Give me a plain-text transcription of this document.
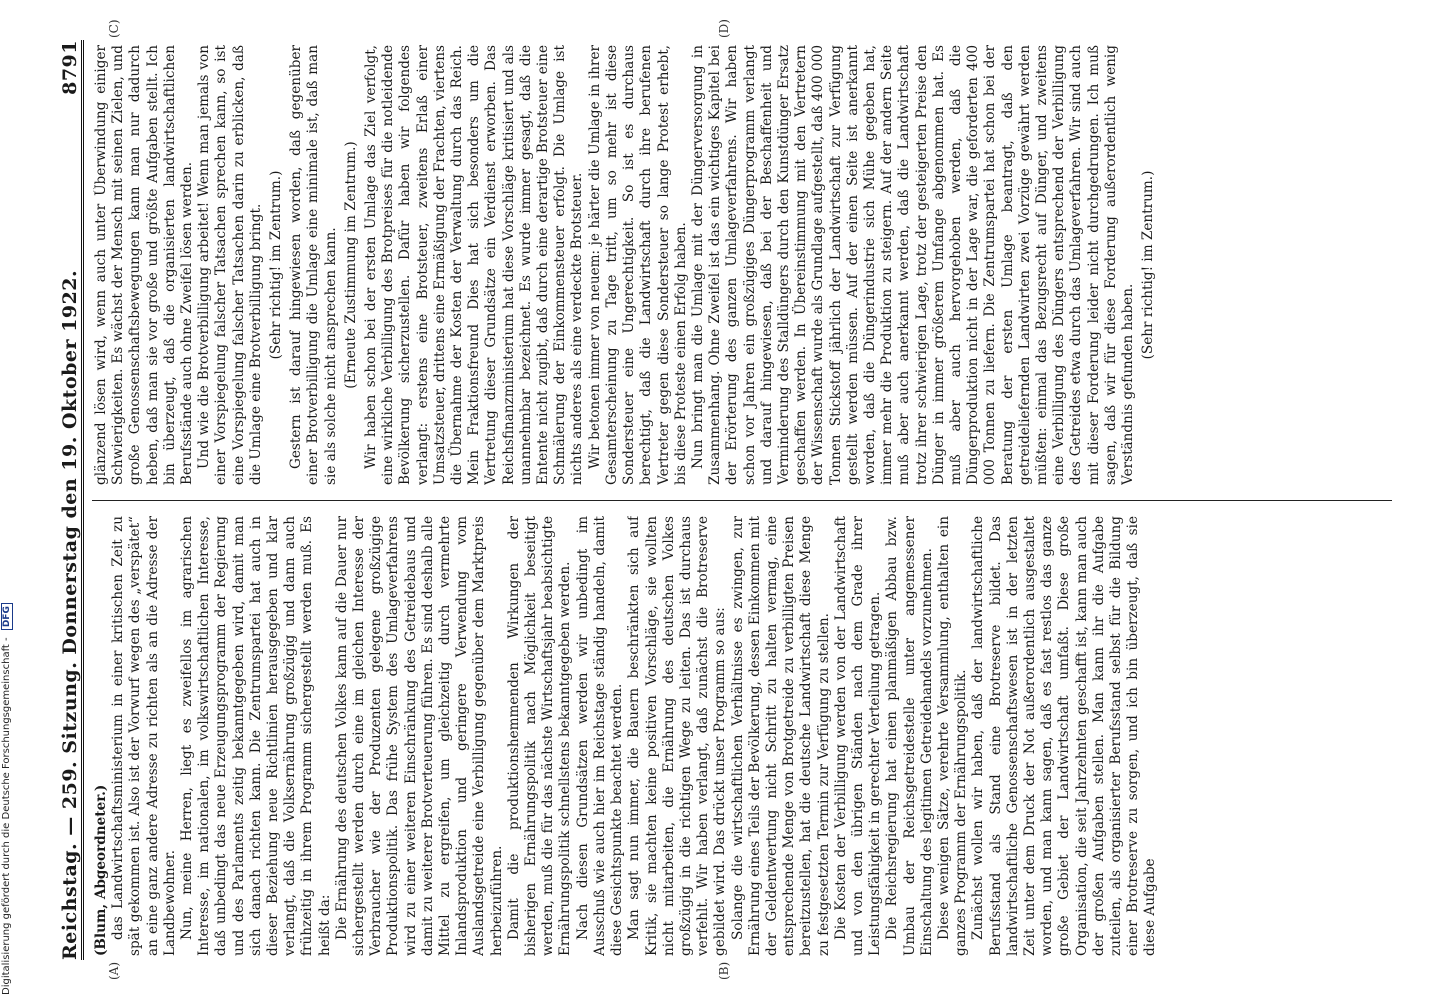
Reichstag. — 259. Sitzung. Donnerstag den 19. Oktober 1922.
8791
(A)	(B)
(C)	(D)

(Blum, Abgeordneter.) das Landwirtschaftsministerium in einer kritischen Zeit zu spät gekommen ist. Also ist der Vorwurf wegen des „verspätet“ an eine ganz andere Adresse zu richten als an die Adresse der Landbewohner. Nun, meine Herren, liegt es zweifellos im agrarischen Interesse, im nationalen, im volkswirtschaftlichen Interesse, daß unbedingt das neue Erzeugungsprogramm der Regierung und des Parlaments zeitig bekanntgegeben wird, damit man sich danach richten kann. Die Zentrumspartei hat auch in dieser Beziehung neue Richtlinien herausgegeben und klar verlangt, daß die Volksernährung großzügig und dann auch frühzeitig in ihrem Programm sichergestellt werden muß. Es heißt da: Die Ernährung des deutschen Volkes kann auf die Dauer nur sichergestellt werden durch eine im gleichen Interesse der Verbraucher wie der Produzenten gelegene großzügige Produktionspolitik. Das frühe System des Umlageverfahrens wird zu einer weiteren Einschränkung des Getreidebaus und damit zu weiterer Brotverteuerung führen. Es sind deshalb alle Mittel zu ergreifen, um gleichzeitig durch vermehrte Inlandsproduktion und geringere Verwendung vom Auslandsgetreide eine Verbilligung gegenüber dem Marktpreis herbeizuführen. Damit die produktionshemmenden Wirkungen der bisherigen Ernährungspolitik nach Möglichkeit beseitigt werden, muß die für das nächste Wirtschaftsjahr beabsichtigte Ernährungspolitik schnellstens bekanntgegeben werden. Nach diesen Grundsätzen werden wir unbedingt im Ausschuß wie auch hier im Reichstage ständig handeln, damit diese Gesichtspunkte beachtet werden. Man sagt nun immer, die Bauern beschränkten sich auf Kritik, sie machten keine positiven Vorschläge, sie wollten nicht mitarbeiten, die Ernährung des deutschen Volkes großzügig in die richtigen Wege zu leiten. Das ist durchaus verfehlt. Wir haben verlangt, daß zunächst die Brotreserve gebildet wird. Das drückt unser Programm so aus: Solange die wirtschaftlichen Verhältnisse es zwingen, zur Ernährung eines Teils der Bevölkerung, dessen Einkommen mit der Geldentwertung nicht Schritt zu halten vermag, eine entsprechende Menge von Brotgetreide zu verbilligten Preisen bereitzustellen, hat die deutsche Landwirtschaft diese Menge zu festgesetzten Termin zur Verfügung zu stellen. Die Kosten der Verbilligung werden von der Landwirtschaft und von den übrigen Ständen nach dem Grade ihrer Leistungsfähigkeit in gerechter Verteilung getragen. Die Reichsregierung hat einen planmäßigen Abbau bzw. Umbau der Reichsgetreidestelle unter angemessener Einschaltung des legitimen Getreidehandels vorzunehmen. Diese wenigen Sätze, verehrte Versammlung, enthalten ein ganzes Programm der Ernährungspolitik. Zunächst wollen wir haben, daß der landwirtschaftliche Berufsstand als Stand eine Brotreserve bildet. Das landwirtschaftliche Genossenschaftswesen ist in der letzten Zeit unter dem Druck der Not außerordentlich ausgestaltet worden, und man kann sagen, daß es fast restlos das ganze große Gebiet der Landwirtschaft umfaßt. Diese große Organisation, die seit Jahrzehnten geschafft ist, kann man auch der großen Aufgaben stellen. Man kann ihr die Aufgabe zuteilen, als organisierter Berufsstand selbst für die Bildung einer Brotreserve zu sorgen, und ich bin überzeugt, daß sie diese Aufgabe

glänzend lösen wird, wenn auch unter Überwindung einiger Schwierigkeiten. Es wächst der Mensch mit seinen Zielen, und große Genossenschaftsbewegungen kann man nur dadurch heben, daß man sie vor große und größte Aufgaben stellt. Ich bin überzeugt, daß die organisierten landwirtschaftlichen Berufsstände auch ohne Zweifel lösen werden. Und wie die Brotverbilligung arbeitet! Wenn man jemals von einer Vorspiegelung falscher Tatsachen sprechen kann, so ist eine Vorspiegelung falscher Tatsachen darin zu erblicken, daß die Umlage eine Brotverbilligung bringt. (Sehr richtig! im Zentrum.) Gestern ist darauf hingewiesen worden, daß gegenüber einer Brotverbilligung die Umlage eine minimale ist, daß man sie als solche nicht ansprechen kann. (Erneute Zustimmung im Zentrum.) Wir haben schon bei der ersten Umlage das Ziel verfolgt, eine wirkliche Verbilligung des Brotpreises für die notleidende Bevölkerung sicherzustellen. Dafür haben wir folgendes verlangt: erstens eine Brotsteuer, zweitens Erlaß einer Umsatzsteuer, drittens eine Ermäßigung der Frachten, viertens die Übernahme der Kosten der Verwaltung durch das Reich. Mein Fraktionsfreund Dies hat sich besonders um die Vertretung dieser Grundsätze ein Verdienst erworben. Das Reichsfinanzministerium hat diese Vorschläge kritisiert und als unannehmbar bezeichnet. Es wurde immer gesagt, daß die Entente nicht zugibt, daß durch eine derartige Brotsteuer eine Schmälerung der Einkommensteuer erfolgt. Die Umlage ist nichts anderes als eine verdeckte Brotsteuer. Wir betonen immer von neuem: je härter die Umlage in ihrer Gesamterscheinung zu Tage tritt, um so mehr ist diese Sondersteuer eine Ungerechtigkeit. So ist es durchaus berechtigt, daß die Landwirtschaft durch ihre berufenen Vertreter gegen diese Sondersteuer so lange Protest erhebt, bis diese Proteste einen Erfolg haben. Nun bringt man die Umlage mit der Düngerversorgung in Zusammenhang. Ohne Zweifel ist das ein wichtiges Kapitel bei der Erörterung des ganzen Umlageverfahrens. Wir haben schon vor Jahren ein großzügiges Düngerprogramm verlangt und darauf hingewiesen, daß bei der Beschaffenheit und Verminderung des Stalldüngers durch den Kunstdünger Ersatz geschaffen werden. In Übereinstimmung mit den Vertretern der Wissenschaft wurde als Grundlage aufgestellt, daß 400 000 Tonnen Stickstoff jährlich der Landwirtschaft zur Verfügung gestellt werden müssen. Auf der einen Seite ist anerkannt worden, daß die Düngerindustrie sich Mühe gegeben hat, immer mehr die Produktion zu steigern. Auf der andern Seite muß aber auch anerkannt werden, daß die Landwirtschaft trotz ihrer schwierigen Lage, trotz der gesteigerten Preise den Dünger in immer größerem Umfange abgenommen hat. Es muß aber auch hervorgehoben werden, daß die Düngerproduktion nicht in der Lage war, die geforderten 400 000 Tonnen zu liefern. Die Zentrumspartei hat schon bei der Beratung der ersten Umlage beantragt, daß den getreideliefernden Landwirten zwei Vorzüge gewährt werden müßten: einmal das Bezugsrecht auf Dünger, und zweitens eine Verbilligung des Düngers entsprechend der Verbilligung des Getreides etwa durch das Umlageverfahren. Wir sind auch mit dieser Forderung leider nicht durchgedrungen. Ich muß sagen, daß wir für diese Forderung außerordentlich wenig Verständnis gefunden haben.

(Sehr richtig! im Zentrum.)

Digitalisierung gefördert durch die Deutsche Forschungsgemeinschaft - DFG
